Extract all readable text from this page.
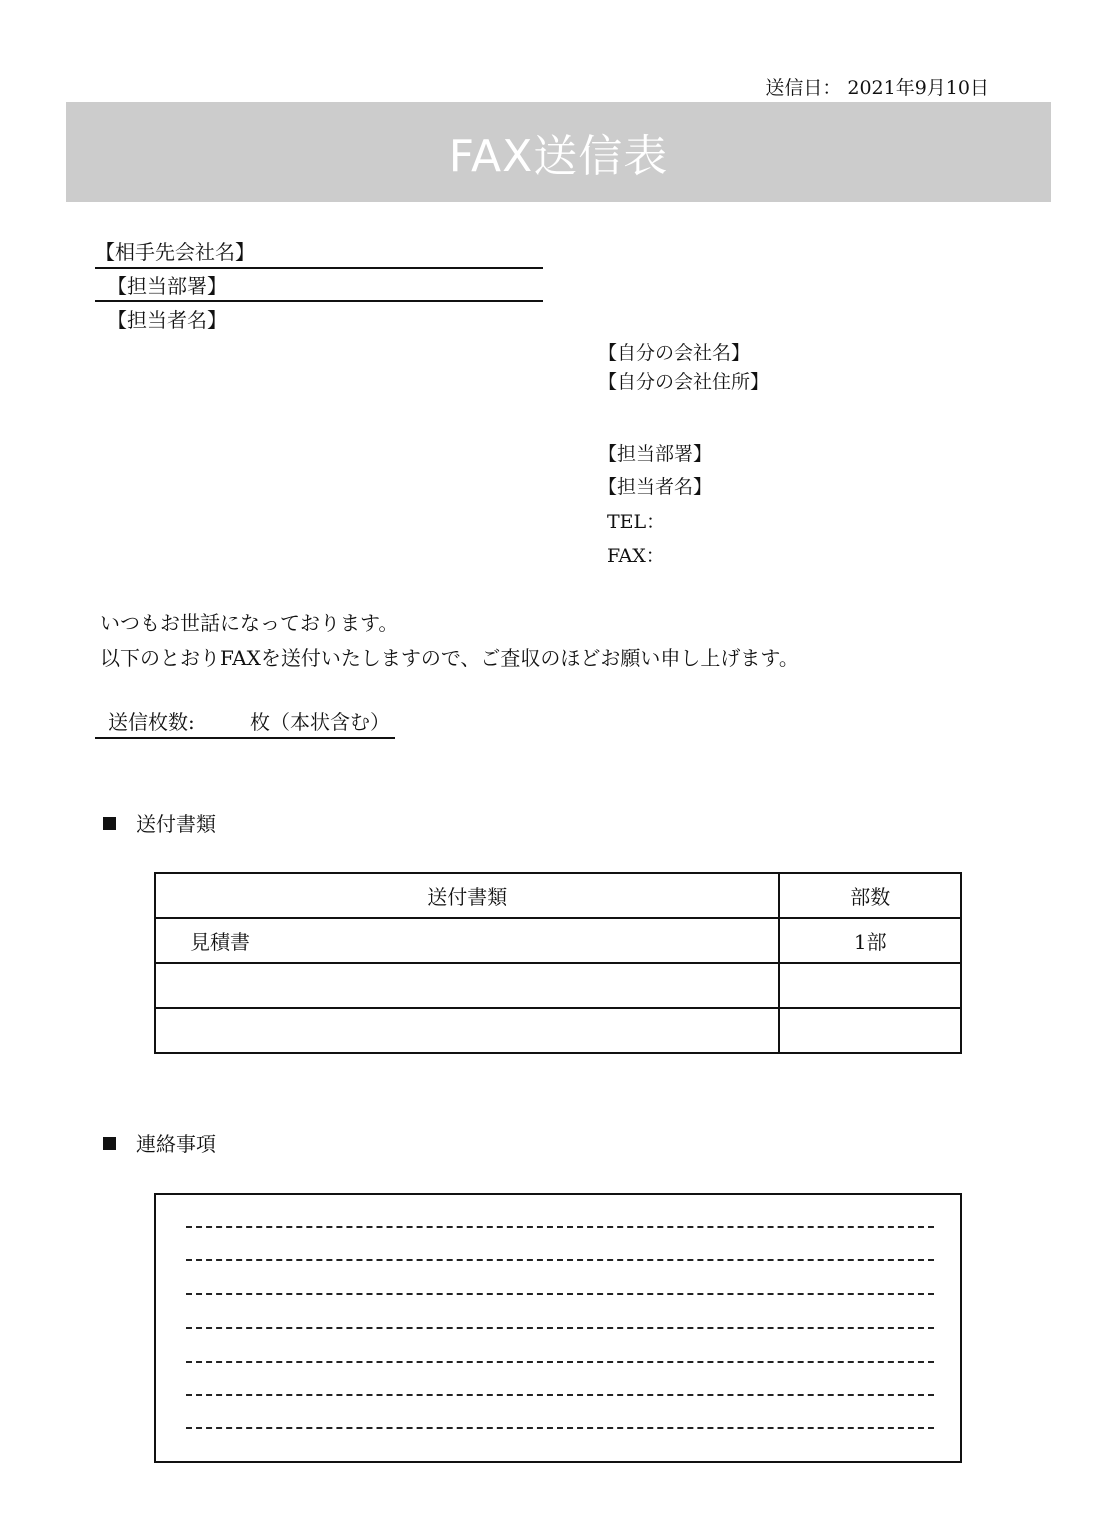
送信日： 2021年9月10日
FAX送信表
【相手先会社名】
【担当部署】
【担当者名】
【自分の会社名】
【自分の会社住所】
【担当部署】
【担当者名】
TEL：
FAX：
いつもお世話になっております。
以下のとおりFAXを送付いたしますので、ご査収のほどお願い申し上げます。
送信枚数:	枚（本状含む）
送付書類
送付書類	部数
見積書	1部

連絡事項
